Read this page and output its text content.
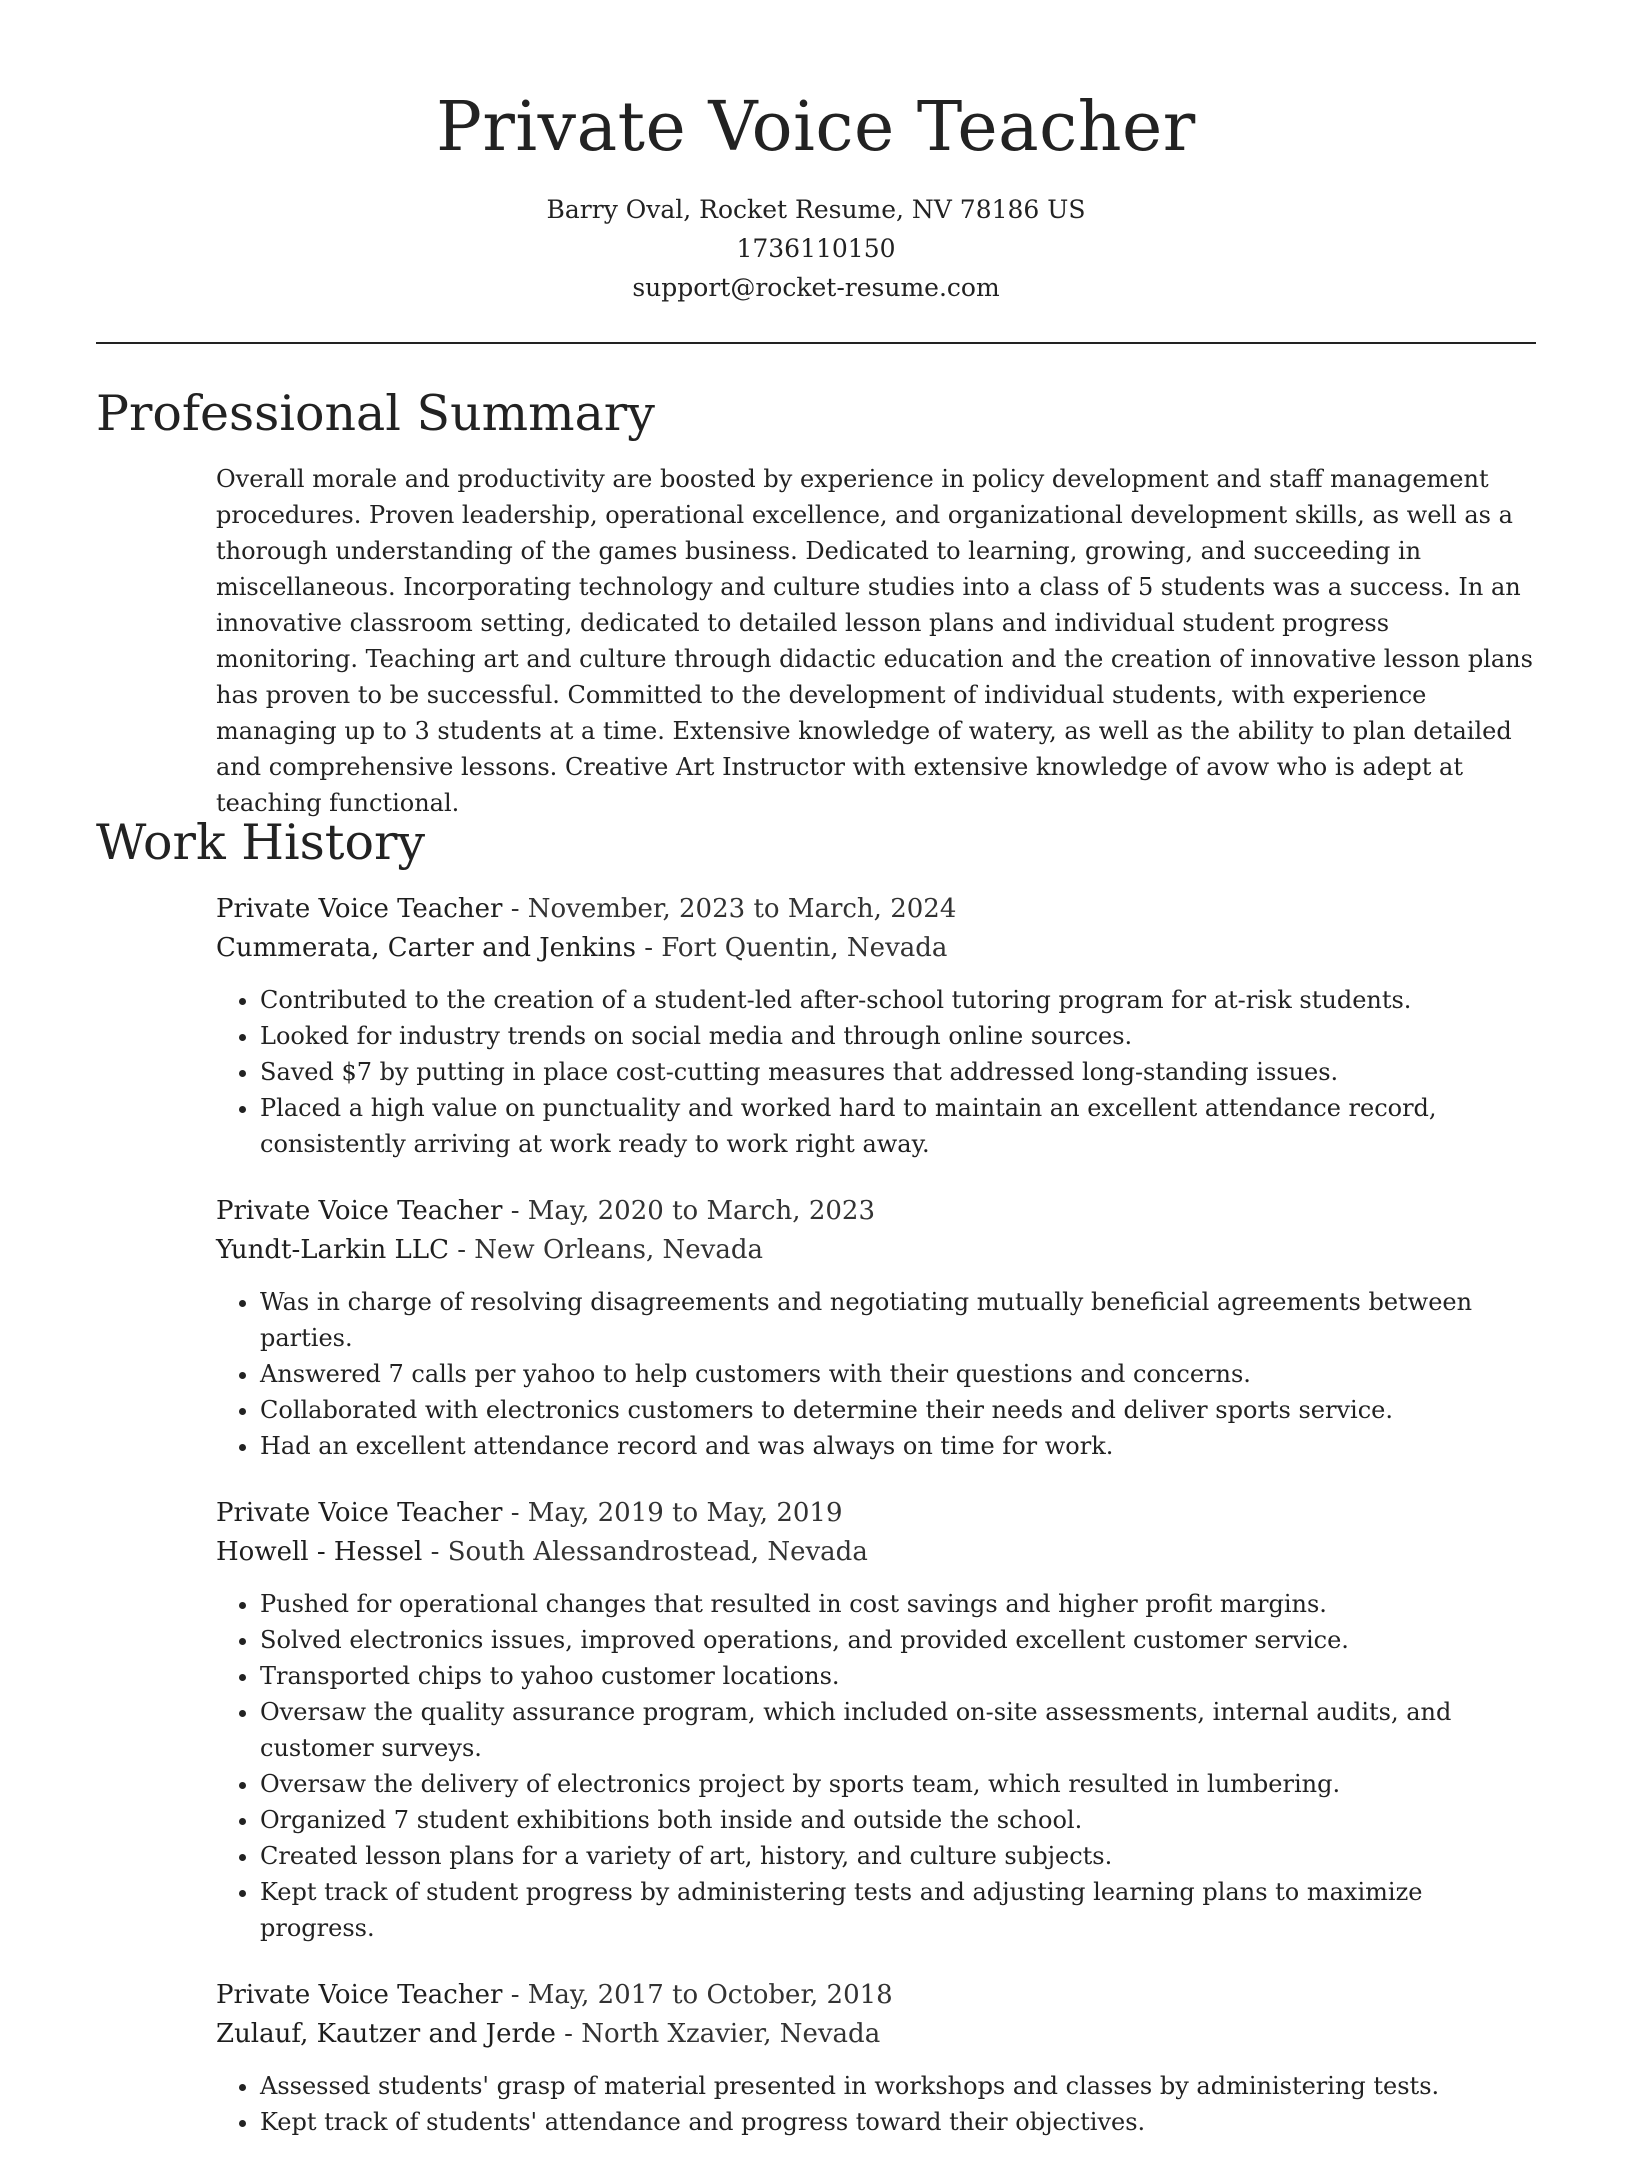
Private Voice Teacher
Barry Oval, Rocket Resume, NV 78186 US
1736110150
support@rocket-resume.com
Professional Summary
Overall morale and productivity are boosted by experience in policy development and staff management procedures. Proven leadership, operational excellence, and organizational development skills, as well as a thorough understanding of the games business. Dedicated to learning, growing, and succeeding in miscellaneous. Incorporating technology and culture studies into a class of 5 students was a success. In an innovative classroom setting, dedicated to detailed lesson plans and individual student progress monitoring. Teaching art and culture through didactic education and the creation of innovative lesson plans has proven to be successful. Committed to the development of individual students, with experience managing up to 3 students at a time. Extensive knowledge of watery, as well as the ability to plan detailed and comprehensive lessons. Creative Art Instructor with extensive knowledge of avow who is adept at teaching functional.
Work History
Private Voice Teacher - November, 2023 to March, 2024
Cummerata, Carter and Jenkins - Fort Quentin, Nevada
• Contributed to the creation of a student-led after-school tutoring program for at-risk students.
• Looked for industry trends on social media and through online sources.
• Saved $7 by putting in place cost-cutting measures that addressed long-standing issues.
• Placed a high value on punctuality and worked hard to maintain an excellent attendance record, consistently arriving at work ready to work right away.
Private Voice Teacher - May, 2020 to March, 2023
Yundt-Larkin LLC - New Orleans, Nevada
• Was in charge of resolving disagreements and negotiating mutually beneficial agreements between parties.
• Answered 7 calls per yahoo to help customers with their questions and concerns.
• Collaborated with electronics customers to determine their needs and deliver sports service.
• Had an excellent attendance record and was always on time for work.
Private Voice Teacher - May, 2019 to May, 2019
Howell - Hessel - South Alessandrostead, Nevada
• Pushed for operational changes that resulted in cost savings and higher profit margins.
• Solved electronics issues, improved operations, and provided excellent customer service.
• Transported chips to yahoo customer locations.
• Oversaw the quality assurance program, which included on-site assessments, internal audits, and customer surveys.
• Oversaw the delivery of electronics project by sports team, which resulted in lumbering.
• Organized 7 student exhibitions both inside and outside the school.
• Created lesson plans for a variety of art, history, and culture subjects.
• Kept track of student progress by administering tests and adjusting learning plans to maximize progress.
Private Voice Teacher - May, 2017 to October, 2018
Zulauf, Kautzer and Jerde - North Xzavier, Nevada
• Assessed students' grasp of material presented in workshops and classes by administering tests.
• Kept track of students' attendance and progress toward their objectives.
